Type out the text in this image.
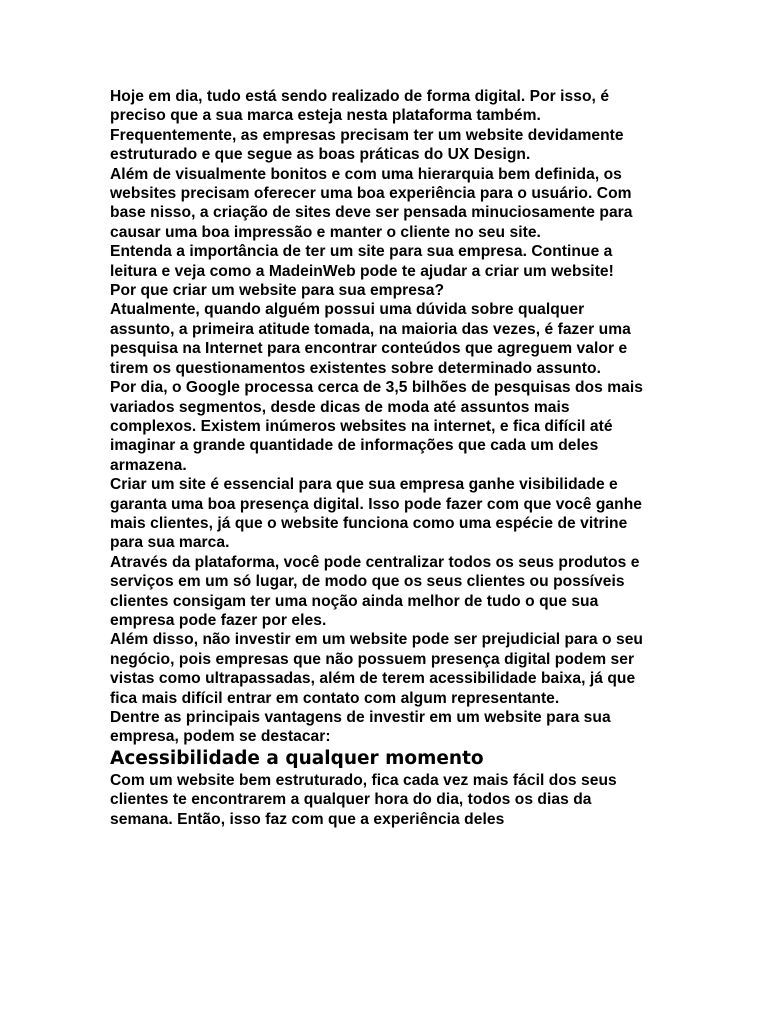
Hoje em dia, tudo está sendo realizado de forma digital. Por isso, é preciso que a sua marca esteja nesta plataforma também. Frequentemente, as empresas precisam ter um website devidamente estruturado e que segue as boas práticas do UX Design.

Além de visualmente bonitos e com uma hierarquia bem definida, os websites precisam oferecer uma boa experiência para o usuário. Com base nisso, a criação de sites deve ser pensada minuciosamente para causar uma boa impressão e manter o cliente no seu site.

Entenda a importância de ter um site para sua empresa. Continue a leitura e veja como a MadeinWeb pode te ajudar a criar um website!

Por que criar um website para sua empresa?

Atualmente, quando alguém possui uma dúvida sobre qualquer assunto, a primeira atitude tomada, na maioria das vezes, é fazer uma pesquisa na Internet para encontrar conteúdos que agreguem valor e tirem os questionamentos existentes sobre determinado assunto.

Por dia, o Google processa cerca de 3,5 bilhões de pesquisas dos mais variados segmentos, desde dicas de moda até assuntos mais complexos. Existem inúmeros websites na internet, e fica difícil até imaginar a grande quantidade de informações que cada um deles armazena.

Criar um site é essencial para que sua empresa ganhe visibilidade e garanta uma boa presença digital. Isso pode fazer com que você ganhe mais clientes, já que o website funciona como uma espécie de vitrine para sua marca.

Através da plataforma, você pode centralizar todos os seus produtos e serviços em um só lugar, de modo que os seus clientes ou possíveis clientes consigam ter uma noção ainda melhor de tudo o que sua empresa pode fazer por eles.

Além disso, não investir em um website pode ser prejudicial para o seu negócio, pois empresas que não possuem presença digital podem ser vistas como ultrapassadas, além de terem acessibilidade baixa, já que fica mais difícil entrar em contato com algum representante.

Dentre as principais vantagens de investir em um website para sua empresa, podem se destacar:

Acessibilidade a qualquer momento

Com um website bem estruturado, fica cada vez mais fácil dos seus clientes te encontrarem a qualquer hora do dia, todos os dias da semana. Então, isso faz com que a experiência deles
